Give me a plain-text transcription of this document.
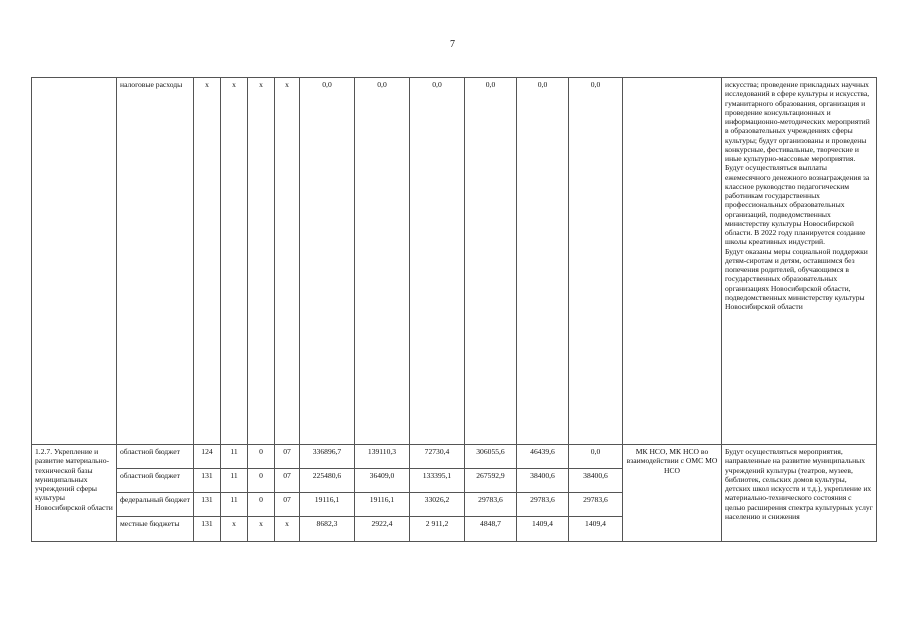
7
	налоговые расходы	х	х	х	х	0,0	0,0	0,0	0,0	0,0	0,0		искусства; проведение прикладных научных исследований в сфере культуры и искусства, гуманитарного образования, организация и проведение консультационных и информационно-методических мероприятий в образовательных учреждениях сферы культуры; будут организованы и проведены конкурсные, фестивальные, творческие и иные культурно-массовые мероприятия. Будут осуществляться выплаты ежемесячного денежного вознаграждения за классное руководство педагогическим работникам государственных профессиональных образовательных организаций, подведомственных министерству культуры Новосибирской области. В 2022 году планируется создание школы креативных индустрий.
Будут оказаны меры социальной поддержки детям-сиротам и детям, оставшимся без попечения родителей, обучающимся в государственных образовательных организациях Новосибирской области, подведомственных министерству культуры Новосибирской области

1.2.7. Укрепление и развитие материально-технической базы муниципальных учреждений сферы культуры Новосибирской области	областной бюджет	124	11	0	07	336896,7	139110,3	72730,4	306055,6	46439,6	0,0	МК НСО, МК НСО во взаимодействии с ОМС МО НСО	Будут осуществляться мероприятия, направленные на развитие муниципальных учреждений культуры (театров, музеев, библиотек, сельских домов культуры, детских школ искусств и т.д.), укрепление их материально-технического состояния с целью расширения спектра культурных услуг населению и снижения
	областной бюджет	131	11	0	07	225480,6	36409,0	133395,1	267592,9	38400,6	38400,6		
	федеральный бюджет	131	11	0	07	19116,1	19116,1	33026,2	29783,6	29783,6	29783,6		
	местные бюджеты	131	х	х	х	8682,3	2922,4	2 911,2	4848,7	1409,4	1409,4		
